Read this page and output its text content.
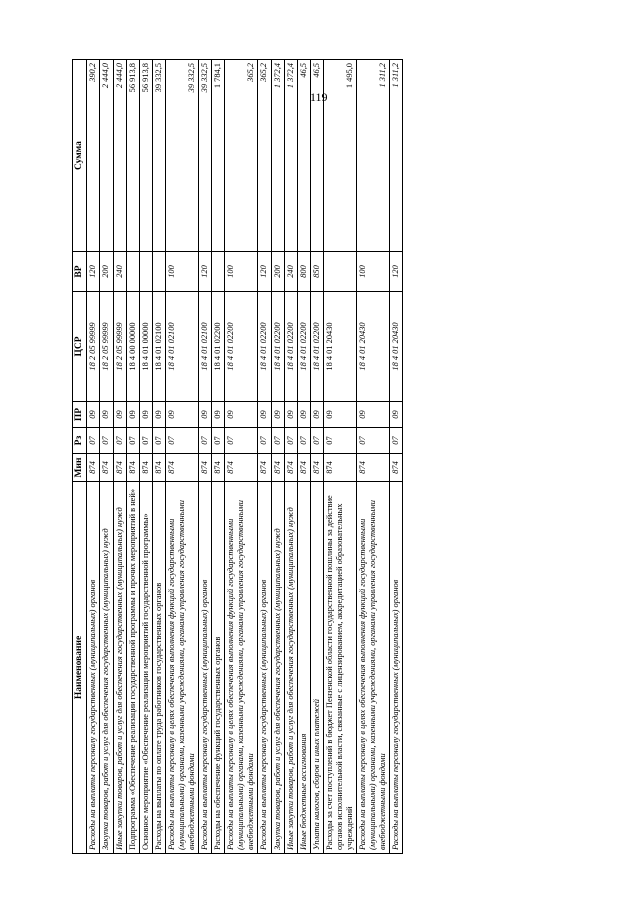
119
Наименование	Мин	Рз	ПР	ЦСР	ВР	Сумма
Расходы на выплаты персоналу государственных (муниципальных) органов	874	07	09	18 2 05 99999	120	390,2
Закупка товаров, работ и услуг для обеспечения государственных (муниципальных) нужд	874	07	09	18 2 05 99999	200	2 444,0
Иные закупки товаров, работ и услуг для обеспечения государственных (муниципальных) нужд	874	07	09	18 2 05 99999	240	2 444,0
Подпрограмма «Обеспечение реализации государственной программы и прочих мероприятий в ней»	874	07	09	18 4 00 00000		56 913,8
Основное мероприятие «Обеспечение реализации мероприятий государственной программы»	874	07	09	18 4 01 00000		56 913,8
Расходы на выплаты по оплате труда работников государственных органов	874	07	09	18 4 01 02100		39 332,5
Расходы на выплаты персоналу в целях обеспечения выполнения функций государственными (муниципальными) органами, казенными учреждениями, органами управления государственными внебюджетными фондами	874	07	09	18 4 01 02100	100	39 332,5
Расходы на выплаты персоналу государственных (муниципальных) органов	874	07	09	18 4 01 02100	120	39 332,5
Расходы на обеспечение функций государственных органов	874	07	09	18 4 01 02200		1 784,1
Расходы на выплаты персоналу в целях обеспечения выполнения функций государственными (муниципальными) органами, казенными учреждениями, органами управления государственными внебюджетными фондами	874	07	09	18 4 01 02200	100	365,2
Расходы на выплаты персоналу государственных (муниципальных) органов	874	07	09	18 4 01 02200	120	365,2
Закупка товаров, работ и услуг для обеспечения государственных (муниципальных) нужд	874	07	09	18 4 01 02200	200	1 372,4
Иные закупки товаров, работ и услуг для обеспечения государственных (муниципальных) нужд	874	07	09	18 4 01 02200	240	1 372,4
Иные бюджетные ассигнования	874	07	09	18 4 01 02200	800	46,5
Уплата налогов, сборов и иных платежей	874	07	09	18 4 01 02200	850	46,5
Расходы за счет поступлений в бюджет Пензенской области государственной пошлины за действие органов исполнительной власти, связанные с лицензированием, аккредитацией образовательных учреждений	874	07	09	18 4 01 20430		1 495,0
Расходы на выплаты персоналу в целях обеспечения выполнения функций государственными (муниципальными) органами, казенными учреждениями, органами управления государственными внебюджетными фондами	874	07	09	18 4 01 20430	100	1 311,2
Расходы на выплаты персоналу государственных (муниципальных) органов	874	07	09	18 4 01 20430	120	1 311,2
